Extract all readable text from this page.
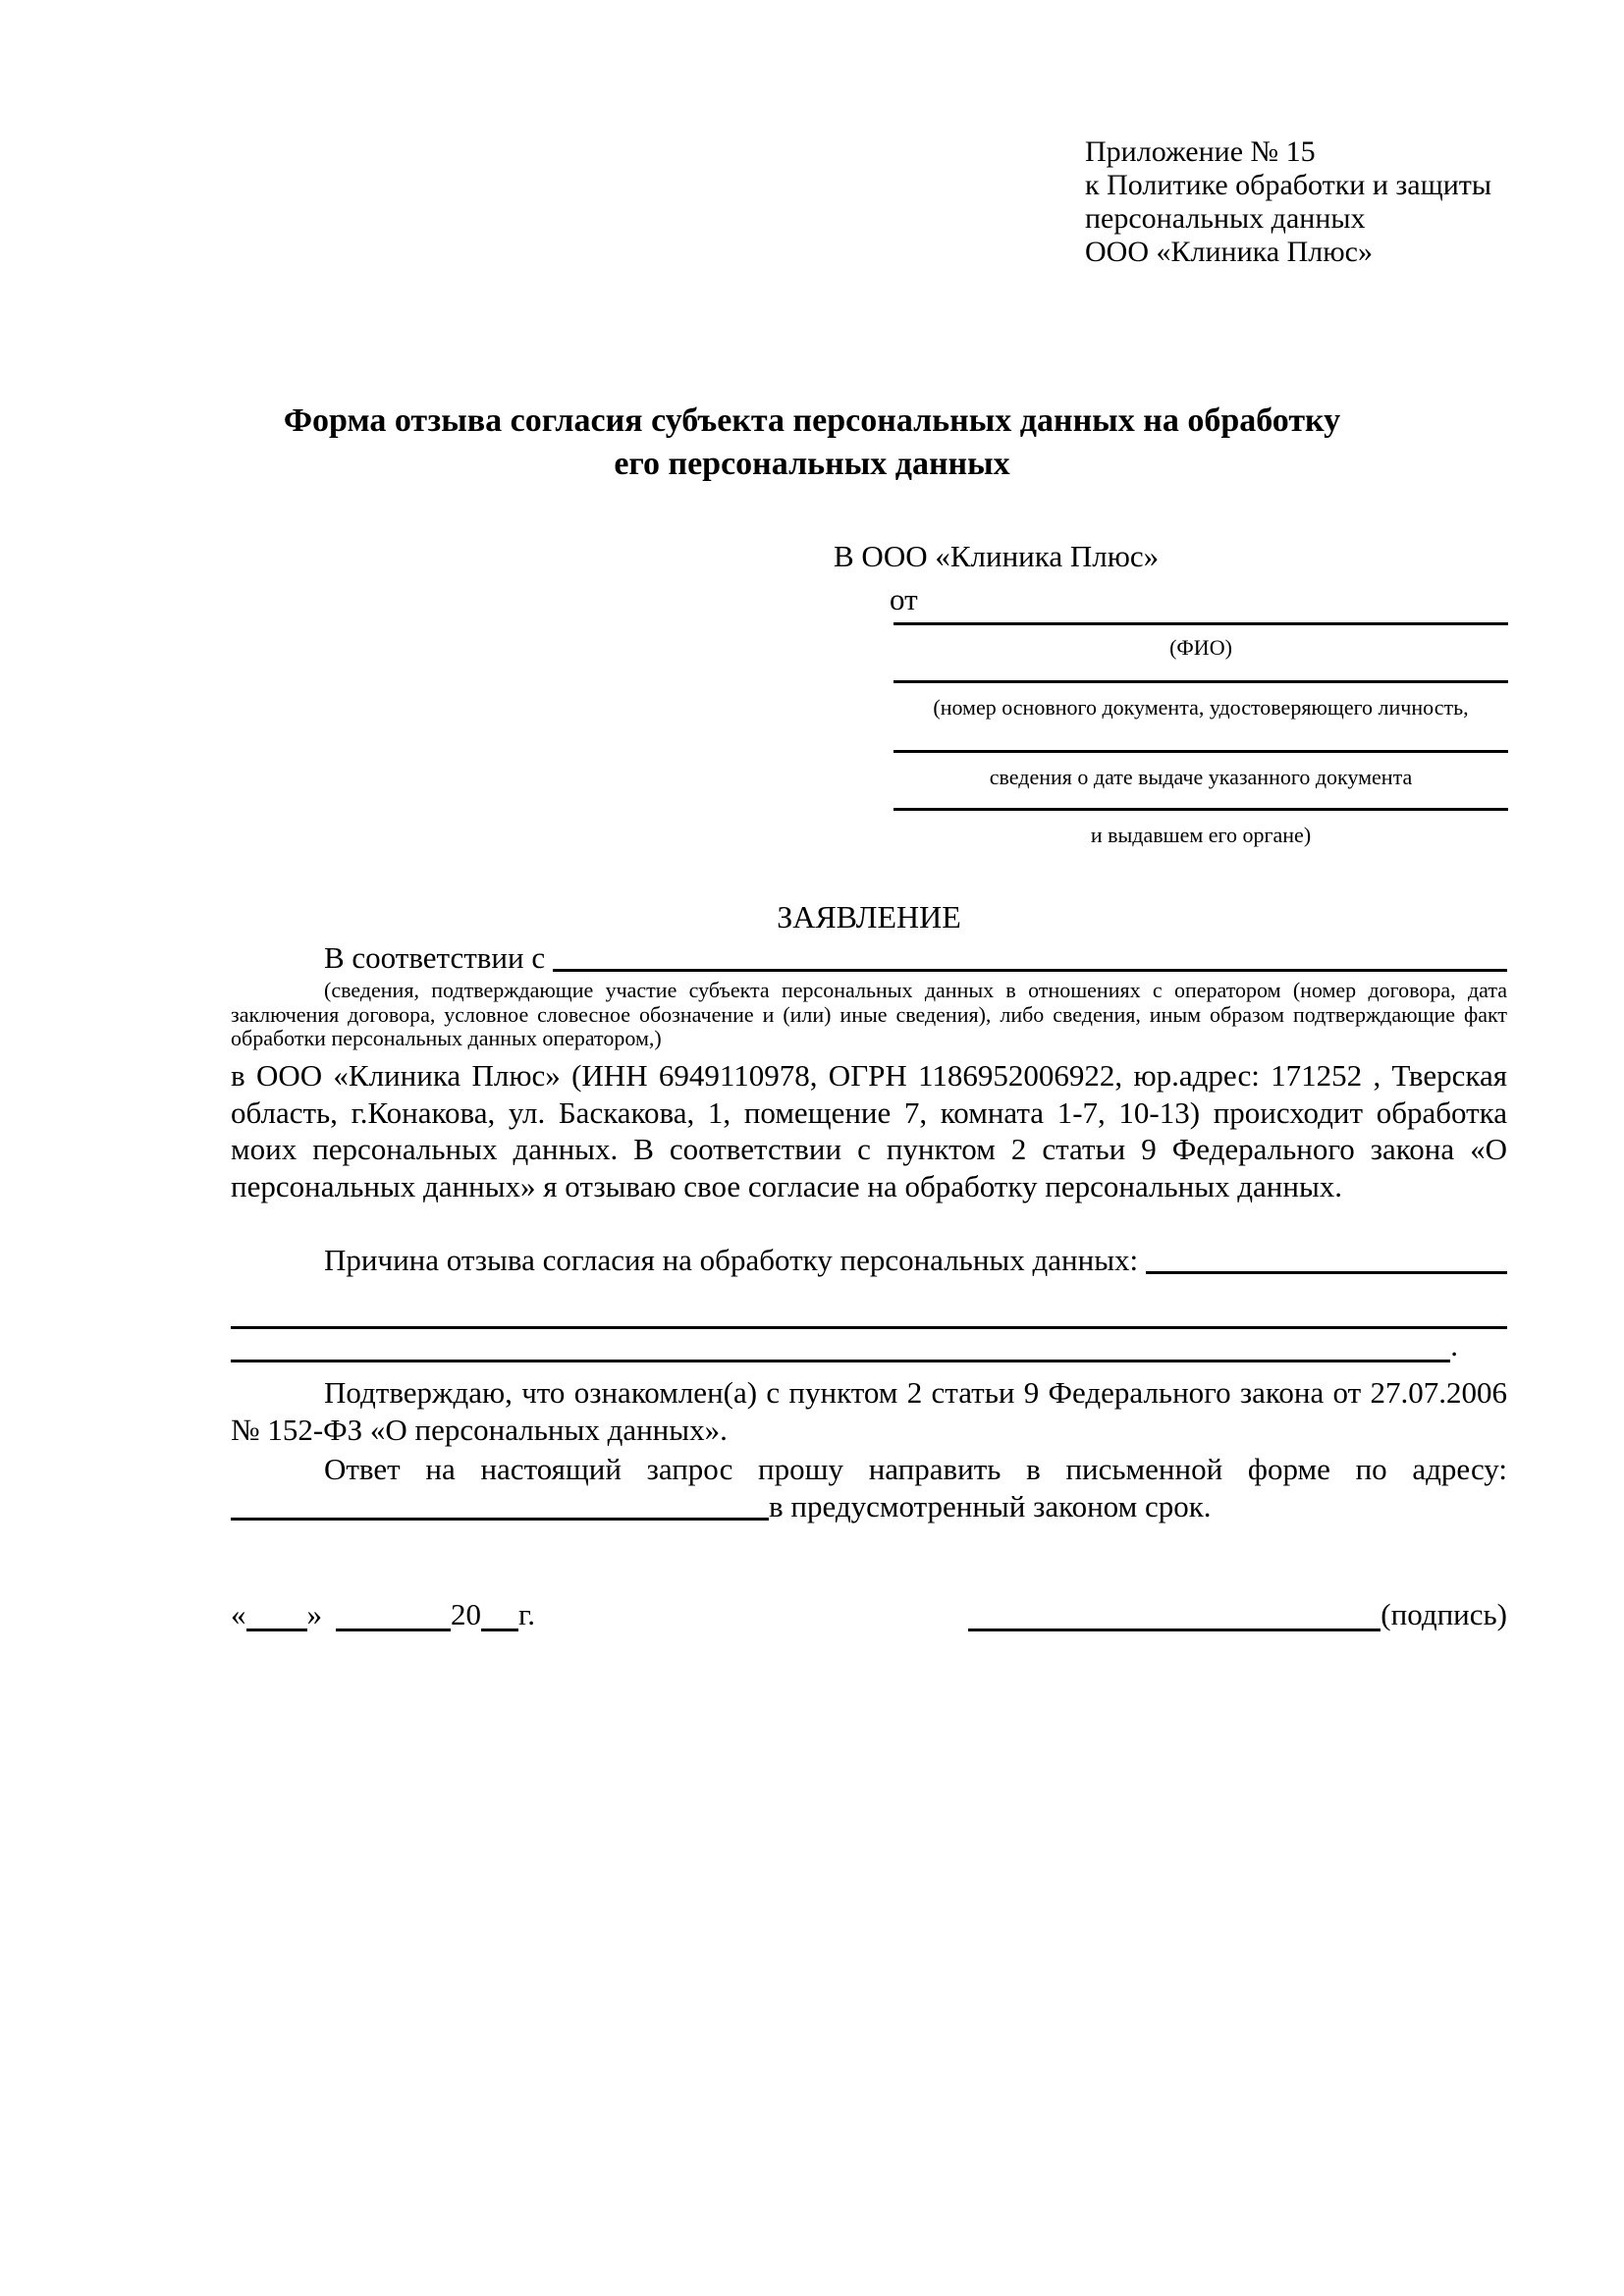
Приложение № 15
к Политике обработки и защиты
персональных данных
ООО «Клиника Плюс»
Форма отзыва согласия субъекта персональных данных на обработку
его персональных данных
В ООО «Клиника Плюс»
от
(ФИО)
(номер основного документа, удостоверяющего личность,
сведения о дате выдаче указанного документа
и выдавшем его органе)
ЗАЯВЛЕНИЕ
В соответствии с
(сведения, подтверждающие участие субъекта персональных данных в отношениях с оператором (номер договора, дата заключения договора, условное словесное обозначение и (или) иные сведения), либо сведения, иным образом подтверждающие факт обработки персональных данных оператором,)
в ООО «Клиника Плюс» (ИНН 6949110978, ОГРН 1186952006922, юр.адрес: 171252 , Тверская область, г.Конакова, ул. Баскакова, 1, помещение 7, комната 1-7, 10-13) происходит обработка моих персональных данных. В соответствии с пунктом 2 статьи 9 Федерального закона «О персональных данных» я отзываю свое согласие на обработку персональных данных.
Причина отзыва согласия на обработку персональных данных:
.
Подтверждаю, что ознакомлен(а) с пунктом 2 статьи 9 Федерального закона от 27.07.2006 № 152-ФЗ «О персональных данных».
Ответ на настоящий запрос прошу направить в письменной форме по адресу:
в предусмотренный законом срок.
« »	20 г.	(подпись)
